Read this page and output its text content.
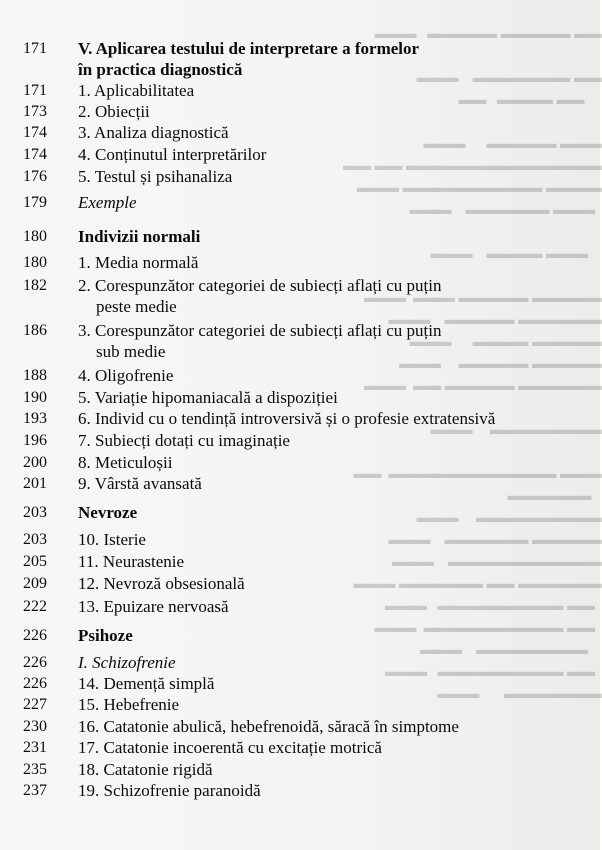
▬▬ ▬▬▬▬▬ ▬▬▬▬▬   ▬▬▬

▬▬ ▬▬▬▬▬▬▬    ▬▬▬
▬▬ ▬▬▬▬   ▬▬

▬▬▬ ▬▬▬▬▬      ▬▬▬
▬▬▬▬▬▬▬▬▬▬▬▬▬▬ ▬▬ ▬▬
▬▬▬▬ ▬▬▬▬▬▬▬▬▬▬ ▬▬▬
▬▬▬ ▬▬▬▬▬▬    ▬▬▬

▬▬▬ ▬▬▬▬    ▬▬▬

▬▬▬▬▬ ▬▬▬▬▬ ▬▬▬  ▬▬▬
▬▬▬▬▬▬ ▬▬▬▬▬    ▬▬▬
▬▬▬▬▬ ▬▬▬▬      ▬▬▬
▬▬▬▬▬ ▬▬▬▬▬     ▬▬▬
▬▬▬▬▬▬ ▬▬▬▬▬ ▬▬  ▬▬▬

▬▬▬▬▬▬▬▬     ▬▬▬

▬▬▬ ▬▬▬▬▬▬▬▬▬▬▬▬  ▬▬
▬▬▬▬▬▬
▬▬▬▬▬▬▬▬▬     ▬▬▬
▬▬▬▬▬ ▬▬▬▬▬▬    ▬▬▬
▬▬▬▬▬▬▬▬▬▬▬    ▬▬▬
▬▬▬▬▬▬ ▬▬ ▬▬▬▬▬▬ ▬▬▬
▬▬ ▬▬▬▬▬▬▬▬▬   ▬▬▬
▬▬ ▬▬▬▬▬▬▬▬▬▬  ▬▬▬
▬▬▬▬▬▬▬▬    ▬▬▬
▬▬ ▬▬▬▬▬▬▬▬▬   ▬▬▬
▬▬▬▬▬▬▬       ▬▬▬
171 V. Aplicarea testului de interpretare a formelor
în practica diagnostică
171 1. Aplicabilitatea
173 2. Obiecții
174 3. Analiza diagnostică
174 4. Conținutul interpretărilor
176 5. Testul și psihanaliza
179 Exemple
180 Indivizii normali
180 1. Media normală
182 2. Corespunzător categoriei de subiecți aflați cu puțin
peste medie
186 3. Corespunzător categoriei de subiecți aflați cu puțin
sub medie
188 4. Oligofrenie
190 5. Variație hipomaniacală a dispoziției
193 6. Individ cu o tendință introversivă și o profesie extratensivă
196 7. Subiecți dotați cu imaginație
200 8. Meticuloșii
201 9. Vârstă avansată
203 Nevroze
203 10. Isterie
205 11. Neurastenie
209 12. Nevroză obsesională
222 13. Epuizare nervoasă
226 Psihoze
226 I. Schizofrenie
226 14. Demență simplă
227 15. Hebefrenie
230 16. Catatonie abulică, hebefrenoidă, săracă în simptome
231 17. Catatonie incoerentă cu excitație motrică
235 18. Catatonie rigidă
237 19. Schizofrenie paranoidă
